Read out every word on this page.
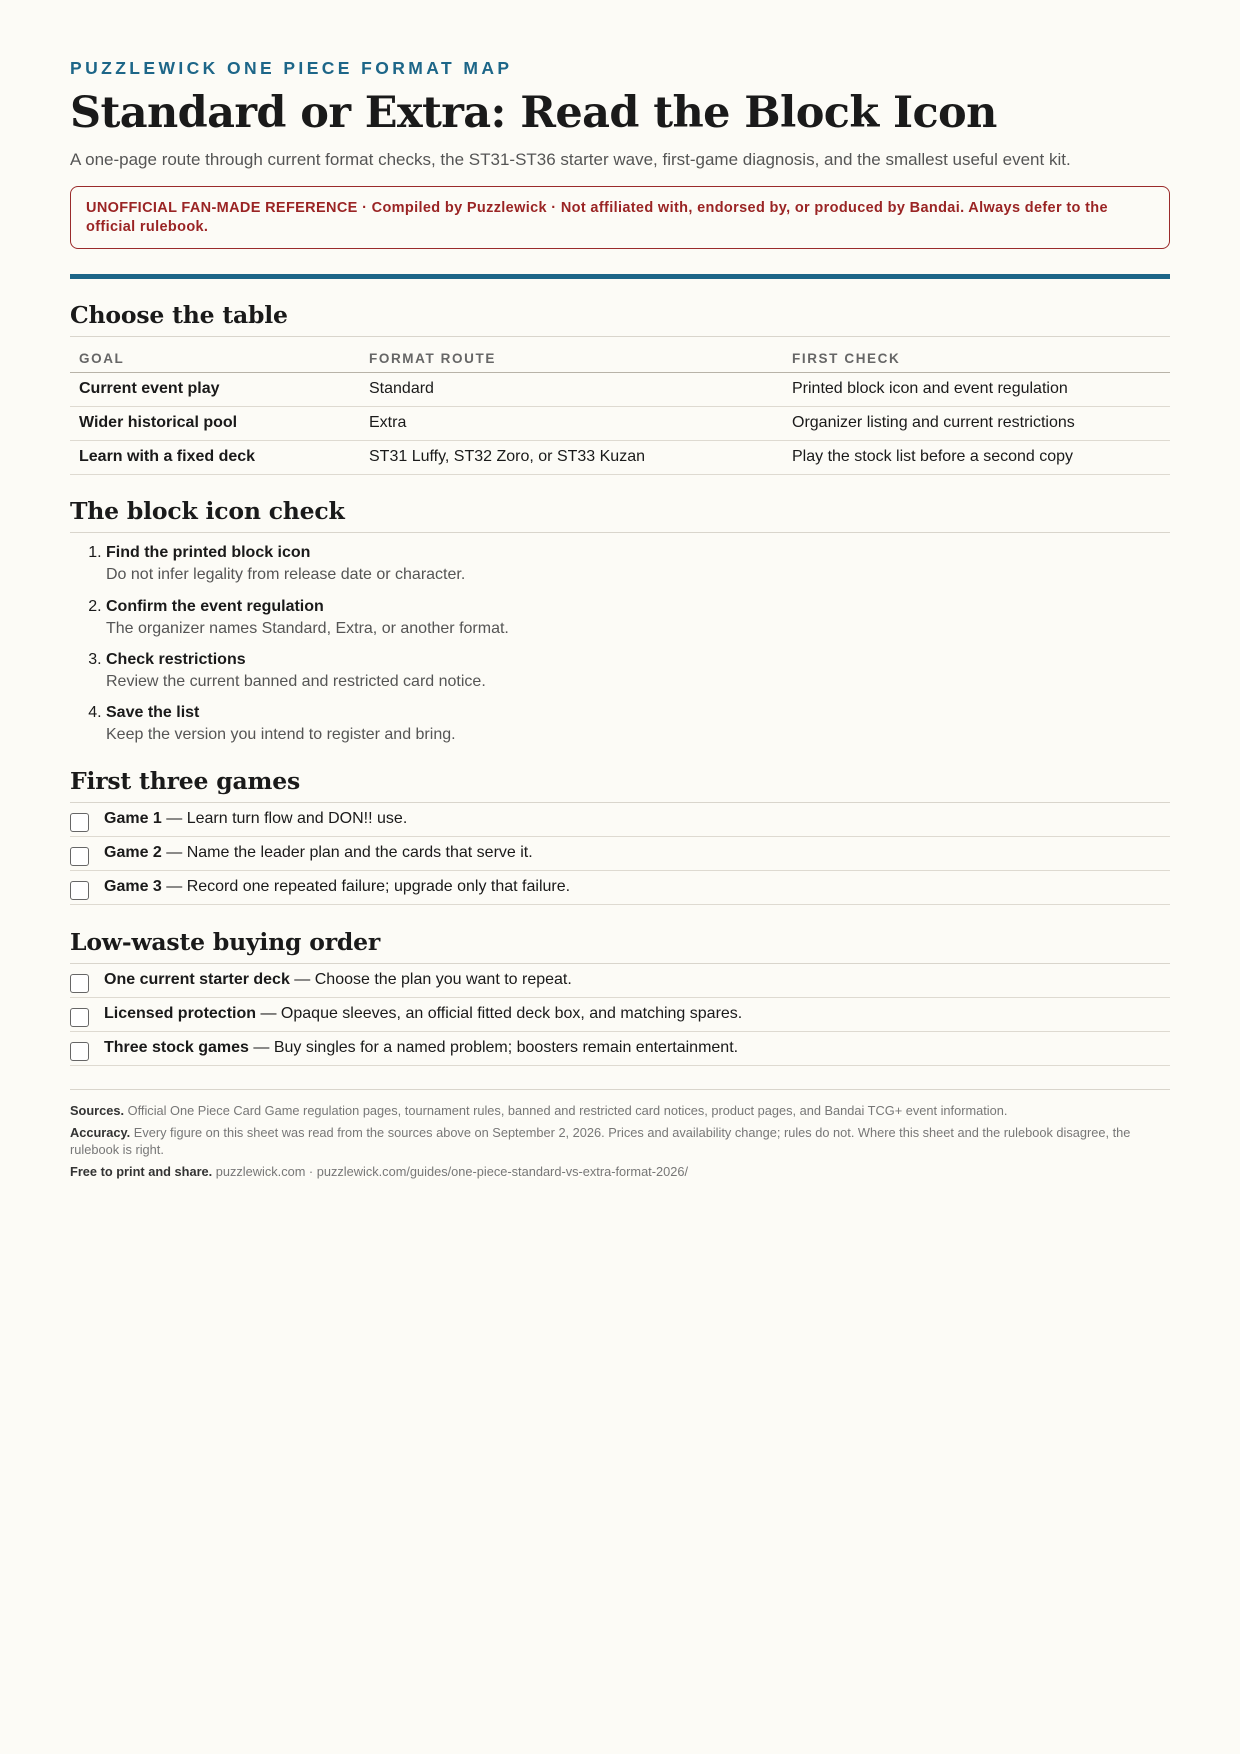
PUZZLEWICK ONE PIECE FORMAT MAP
Standard or Extra: Read the Block Icon

A one-page route through current format checks, the ST31-ST36 starter wave, first-game diagnosis, and the smallest useful event kit.

UNOFFICIAL FAN-MADE REFERENCE · Compiled by Puzzlewick · Not affiliated with, endorsed by, or produced by Bandai. Always defer to the official rulebook.
Choose the table
GOAL	FORMAT ROUTE	FIRST CHECK
Current event play	Standard	Printed block icon and event regulation
Wider historical pool	Extra	Organizer listing and current restrictions
Learn with a fixed deck	ST31 Luffy, ST32 Zoro, or ST33 Kuzan	Play the stock list before a second copy
The block icon check
1. Find the printed block icon
Do not infer legality from release date or character.
2. Confirm the event regulation
The organizer names Standard, Extra, or another format.
3. Check restrictions
Review the current banned and restricted card notice.
4. Save the list
Keep the version you intend to register and bring.
First three games
Game 1 — Learn turn flow and DON!! use.
Game 2 — Name the leader plan and the cards that serve it.
Game 3 — Record one repeated failure; upgrade only that failure.
Low-waste buying order
One current starter deck — Choose the plan you want to repeat.
Licensed protection — Opaque sleeves, an official fitted deck box, and matching spares.
Three stock games — Buy singles for a named problem; boosters remain entertainment.

Sources. Official One Piece Card Game regulation pages, tournament rules, banned and restricted card notices, product pages, and Bandai TCG+ event information.

Accuracy. Every figure on this sheet was read from the sources above on September 2, 2026. Prices and availability change; rules do not. Where this sheet and the rulebook disagree, the rulebook is right.

Free to print and share. puzzlewick.com · puzzlewick.com/guides/one-piece-standard-vs-extra-format-2026/
